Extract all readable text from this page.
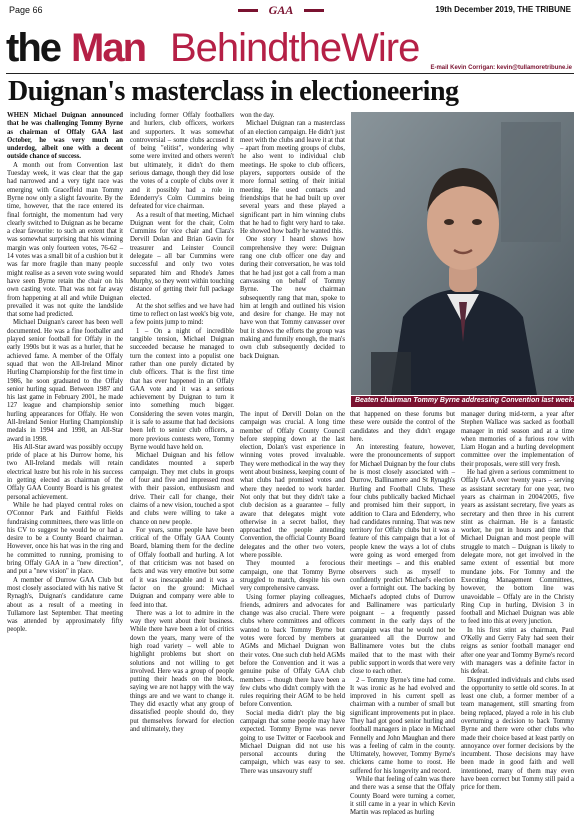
Page 66	GAA	19th December 2019, THE TRIBUNE
the Man BehindtheWire E-mail Kevin Corrigan: kevin@tullamoretribune.ie
Duignan's masterclass in electioneering

WHEN Michael Duignan announced that he was challenging Tommy Byrne as chairman of Offaly GAA last October, he was very much an underdog, albeit one with a decent outside chance of success.

A month out from Convention last Tuesday week, it was clear that the gap had narrowed and a very tight race was emerging with Graceffeld man Tommy Byrne now only a slight favourite. By the time, however, that the race entered its final fortnight, the momentum had very clearly switched to Duignan as he became a clear favourite: to such an extent that it was somewhat surprising that his winning margin was only fourteen votes, 76-62 – 14 votes was a small bit of a cushion but it was far more fragile than many people might realise as a seven vote swing would have seen Byrne retain the chair on his own casting vote. That was not far away from happening at all and while Duignan prevailed it was not quite the landslide that some had predicted.

Michael Duignan's career has been well documented. He was a fine footballer and played senior football for Offaly in the early 1990s but it was as a hurler, that he achieved fame. A member of the Offaly squad that won the All-Ireland Minor Hurling Championship for the first time in 1986, he soon graduated to the Offaly senior hurling squad. Between 1987 and his last game in February 2001, he made 127 league and championship senior hurling appearances for Offaly. He won All-Ireland Senior Hurling Championship medals in 1994 and 1998, an All-Star award in 1998.

His All-Star award was possibly occupy pride of place at his Durrow home, his two All-Ireland medals will retain electrical lustre but his role in his success in getting elected as chairman of the Offaly GAA County Board is his greatest personal achievement.

While he had played central roles on O'Connor Park and Faithful Fields fundraising committees, there was little on his CV to suggest he would be or had a desire to be a County Board chairman. However, once his hat was in the ring and he committed to running, promising to bring Offaly GAA in a "new direction", and put a "new vision" in place.

A member of Durrow GAA Club but most closely associated with his native St Rynagh's, Duignan's candidature came about as a result of a meeting in Tullamore last September. That meeting was attended by approximately fifty people.

including former Offaly footballers and hurlers, club officers, workers and supporters. It was somewhat controversial – some clubs accused it of being "elitist", wondering why some were invited and others weren't but ultimately, it didn't do them serious damage, though they did lose the votes of a couple of clubs over it and it possibly had a role in Edenderry's Colm Cummins being defeated for vice chairman.

As a result of that meeting, Michael Duignan went for the chair, Colm Cummins for vice chair and Clara's Dervill Dolan and Brian Gavin for treasurer and Leinster Council delegate – all bar Cummins were successful and only two votes separated him and Rhode's James Murphy, so they went within touching distance of getting their full package elected.

At the shot selfies and we have had time to reflect on last week's big vote, a few points jump to mind:

1 – On a night of incredible tangible tension, Michael Duignan succeeded because he managed to turn the context into a populist one rather than one purely dictated by club officers. That is the first time that has ever happened in an Offaly GAA vote and it was a serious achievement by Duignan to turn it into something much bigger. Considering the seven votes margin, it is safe to assume that had decisions been left to senior club officers, a more previous contests were, Tommy Byrne would have held on.

Michael Duignan and his fellow candidates mounted a superb campaign. They met clubs in groups of four and five and impressed most with their passion, enthusiasm and drive. Their call for change, their claims of a new vision, touched a spot and clubs were willing to take a chance on new people.

For years, some people have been critical of the Offaly GAA County Board, blaming them for the decline of Offaly football and hurling. A lot of that criticism was not based on facts and was very emotive but some of it was inescapable and it was a factor on the ground: Michael Duignan and company were able to feed into that.

There was a lot to admire in the way they went about their business. While there have been a lot of critics down the years, many were of the high road variety – well able to highlight problems but short on solutions and not willing to get involved. Here was a group of people putting their heads on the block, saying we are not happy with the way things are and we want to change it. They did exactly what any group of dissatisfied people should do, they put themselves forward for election and ultimately, they

won the day.

Michael Duignan ran a masterclass of an election campaign. He didn't just meet with the clubs and leave it at that – apart from meeting groups of clubs, he also went to individual club meetings. He spoke to club officers, players, supporters outside of the more formal setting of their initial meeting. He used contacts and friendships that he had built up over several years and these played a significant part in him winning clubs that he had to fight very hard to take. He showed how badly he wanted this.

One story I heard shows how comprehensive they were: Duignan rang one club officer one day and during their conversation, he was told that he had just got a call from a man canvassing on behalf of Tommy Byrne. The new chairman subsequently rang that man, spoke to him at length and outlined his vision and desire for change. He may not have won that Tommy canvasser over but it shows the efforts the group was making and funnily enough, the man's own club subsequently decided to back Duignan.

Beaten chairman Tommy Byrne addressing Convention last week.

The input of Dervill Dolan on the campaign was crucial. A long time member of Offaly County Council before stepping down at the last election, Dolan's vast experience in winning votes proved invaluable. They were methodical in the way they went about business, keeping count of what clubs had promised votes and where they needed to work harder. Not only that but they didn't take a club decision as a guarantee – fully aware that delegates might vote otherwise in a secret ballot, they approached the people attending Convention, the official County Board delegates and the other two voters, where possible.

They mounted a ferocious campaign, one that Tommy Byrne struggled to match, despite his own very comprehensive canvass.

Using former playing colleagues, friends, admirers and advocates for change was also crucial. There were clubs where committees and officers wanted to back Tommy Byrne but votes were forced by members at AGMs and Michael Duignan won their votes. One such club held AGMs before the Convention and it was a genuine pulse of Offaly GAA club members – though there have been a few clubs who didn't comply with the rules requiring their AGM to be held before Convention.

Social media didn't play the big campaign that some people may have expected. Tommy Byrne was never going to use Twitter or Facebook and Michael Duignan did not use his personal accounts during the campaign, which was easy to see. There was unsavoury stuff

that happened on these forums but these were outside the control of the candidates and they didn't engage here.

An interesting feature, however, were the pronouncements of support for Michael Duignan by the four clubs he is most closely associated with – Durrow, Ballinamere and St Rynagh's Hurling and Football Clubs. These four clubs publically backed Michael and promised him their support, in addition to Clara and Edenderry, who had candidates running. That was new territory for Offaly clubs but it was a feature of this campaign that a lot of people knew the ways a lot of clubs were going as word emerged from their meetings – and this enabled observers such as myself to confidently predict Michael's election over a fortnight out. The backing by Michael's adopted clubs of Durrow and Ballinamere was particularly poignant – a frequently passed comment in the early days of the campaign was that he would not be guaranteed all the Durrow and Ballinamere votes but the clubs mailed that to the mast with their public support in words that were very close to each other.

2 – Tommy Byrne's time had come. It was ironic as he had evolved and improved in his current spell as chairman with a number of small but significant improvements put in place. They had got good senior hurling and football managers in place in Michael Fennelly and John Maughan and there was a feeling of calm in the county. Ultimately, however, Tommy Byrne's chickens came home to roost. He suffered for his longevity and record.

While that feeling of calm was there and there was a sense that the Offaly County Board were turning a corner, it still came in a year in which Kevin Martin was replaced as hurling

manager during mid-term, a year after Stephen Wallace was sacked as football manager in mid season and at a time when memories of a furious row with Liam Hogan and a hurling development committee over the implementation of their proposals, were still very fresh.

He had given a serious commitment to Offaly GAA over twenty years – serving as assistant secretary for one year, two years as chairman in 2004/2005, five years as assistant secretary, five years as secretary and then three in his current stint as chairman. He is a fantastic worker, he put in hours and time that Michael Duignan and most people will struggle to match – Duignan is likely to delegate more, not get involved in the same extent of essential but more mundane jobs. For Tommy and the Executing Management Committees, however, the bottom line was unavoidable – Offaly are in the Christy Ring Cup in hurling, Division 3 in football and Michael Duignan was able to feed into this at every junction.

In his first stint as chairman, Paul O'Kelly and Gerry Fahy had seen their reigns as senior football manager end after one year and Tommy Byrne's record with managers was a definite factor in his defeat.

Disgruntled individuals and clubs used the opportunity to settle old scores. In at least one club, a former member of a team management, still smarting from being replaced, played a role in his club overturning a decision to back Tommy Byrne and there were other clubs who made their choice based at least partly on annoyance over former decisions by the incumbent. Those decisions may have been made in good faith and well intentioned, many of them may even have been correct but Tommy still paid a price for them.
